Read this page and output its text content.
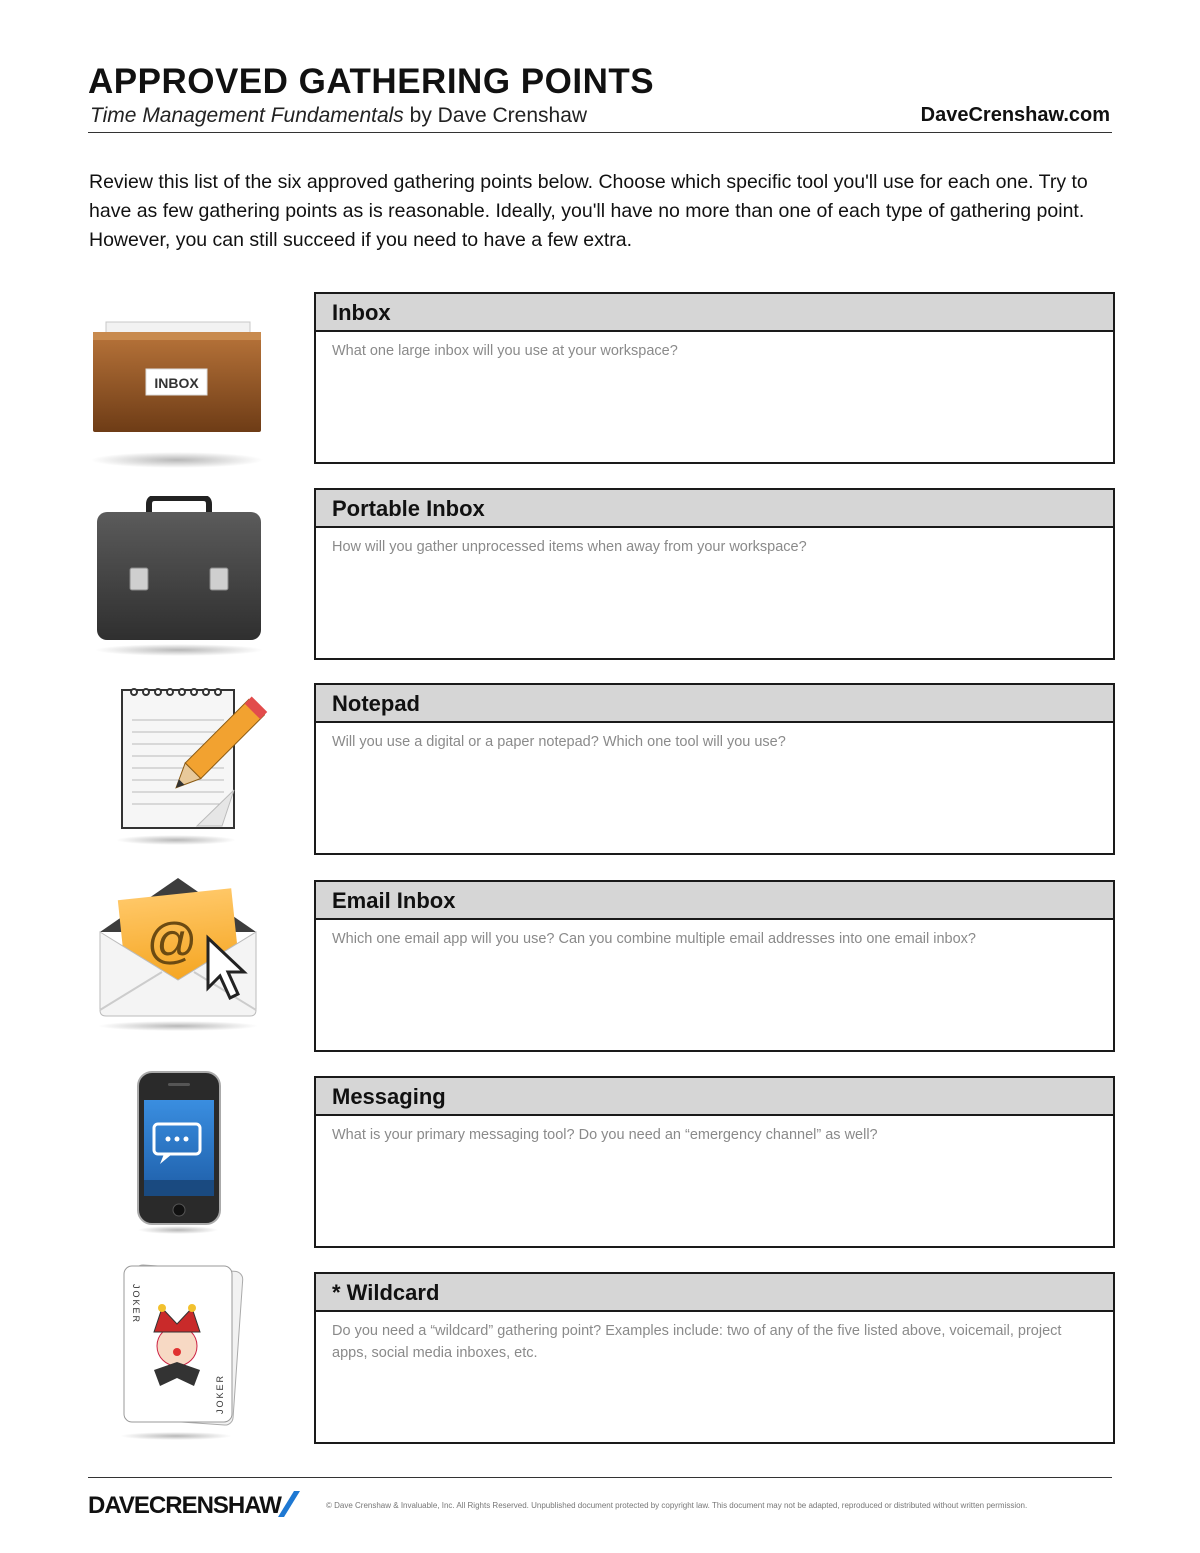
APPROVED GATHERING POINTS
Time Management Fundamentals by Dave Crenshaw	DaveCrenshaw.com

Review this list of the six approved gathering points below. Choose which specific tool you'll use for each one. Try to have as few gathering points as is reasonable. Ideally, you'll have no more than one of each type of gathering point. However, you can still succeed if you need to have a few extra.

INBOX
@
JOKER
JOKER
Inbox
What one large inbox will you use at your workspace?
Portable Inbox
How will you gather unprocessed items when away from your workspace?
Notepad
Will you use a digital or a paper notepad? Which one tool will you use?
Email Inbox
Which one email app will you use? Can you combine multiple email addresses into one email inbox?
Messaging
What is your primary messaging tool? Do you need an “emergency channel” as well?
* Wildcard
Do you need a “wildcard” gathering point? Examples include: two of any of the five listed above, voicemail, project apps, social media inboxes, etc.
DAVECRENSHAW	© Dave Crenshaw & Invaluable, Inc. All Rights Reserved. Unpublished document protected by copyright law. This document may not be adapted, reproduced or distributed without written permission.
